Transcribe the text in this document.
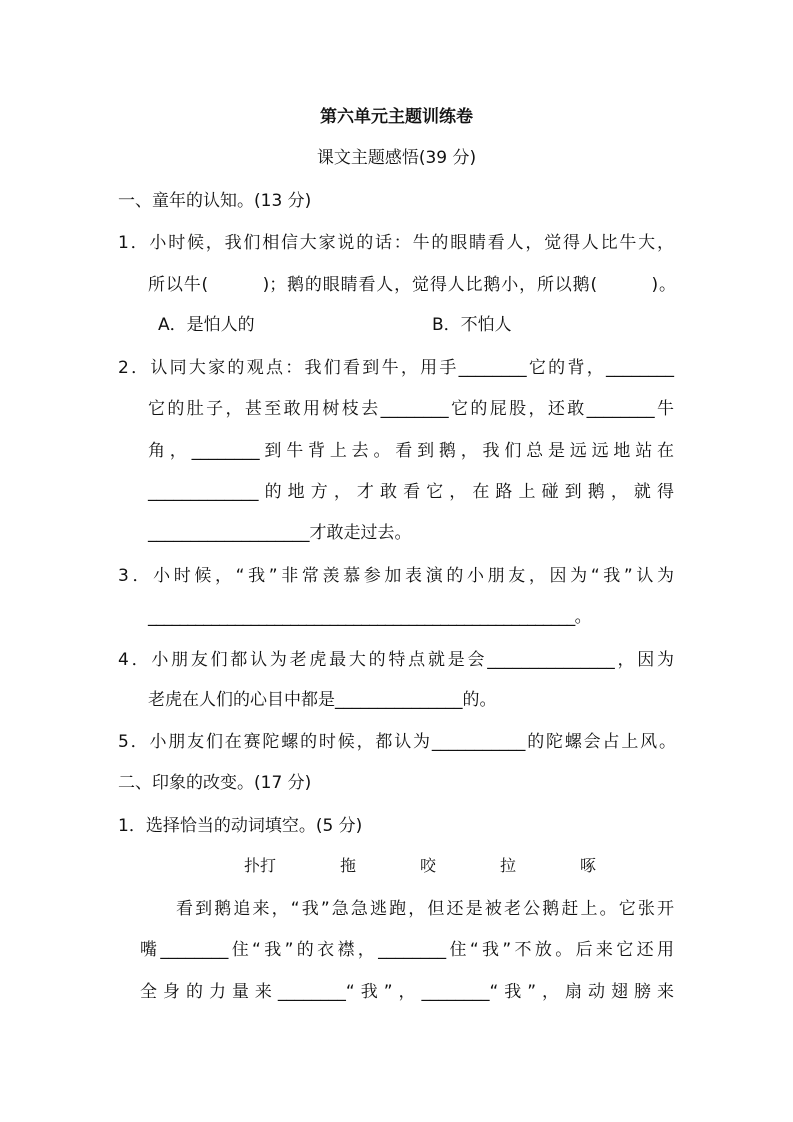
第六单元主题训练卷
课文主题感悟(39 分)
一、童年的认知。(13 分)
1．小时候，我们相信大家说的话：牛的眼睛看人，觉得人比牛大，
所以牛(　　　)；鹅的眼睛看人，觉得人比鹅小，所以鹅(　　　)。
A．是怕人的	B．不怕人
2．认同大家的观点：我们看到牛，用手________它的背，________
它的肚子，甚至敢用树枝去________它的屁股，还敢________牛
角，________到牛背上去。看到鹅，我们总是远远地站在
_____________的地方，才敢看它，在路上碰到鹅，就得
___________________才敢走过去。
3．小时候，“我”非常羡慕参加表演的小朋友，因为“我”认为
______________________________________________________。
4．小朋友们都认为老虎最大的特点就是会_______________，因为
老虎在人们的心目中都是_______________的。
5．小朋友们在赛陀螺的时候，都认为___________的陀螺会占上风。
二、印象的改变。(17 分)
1．选择恰当的动词填空。(5 分)
扑打　　　　拖　　　　咬　　　　拉　　　　啄
看到鹅追来，“我”急急逃跑，但还是被老公鹅赶上。它张开
嘴________住“我”的衣襟，________住“我”不放。后来它还用
全身的力量来________“我”，________“我”，扇动翅膀来
